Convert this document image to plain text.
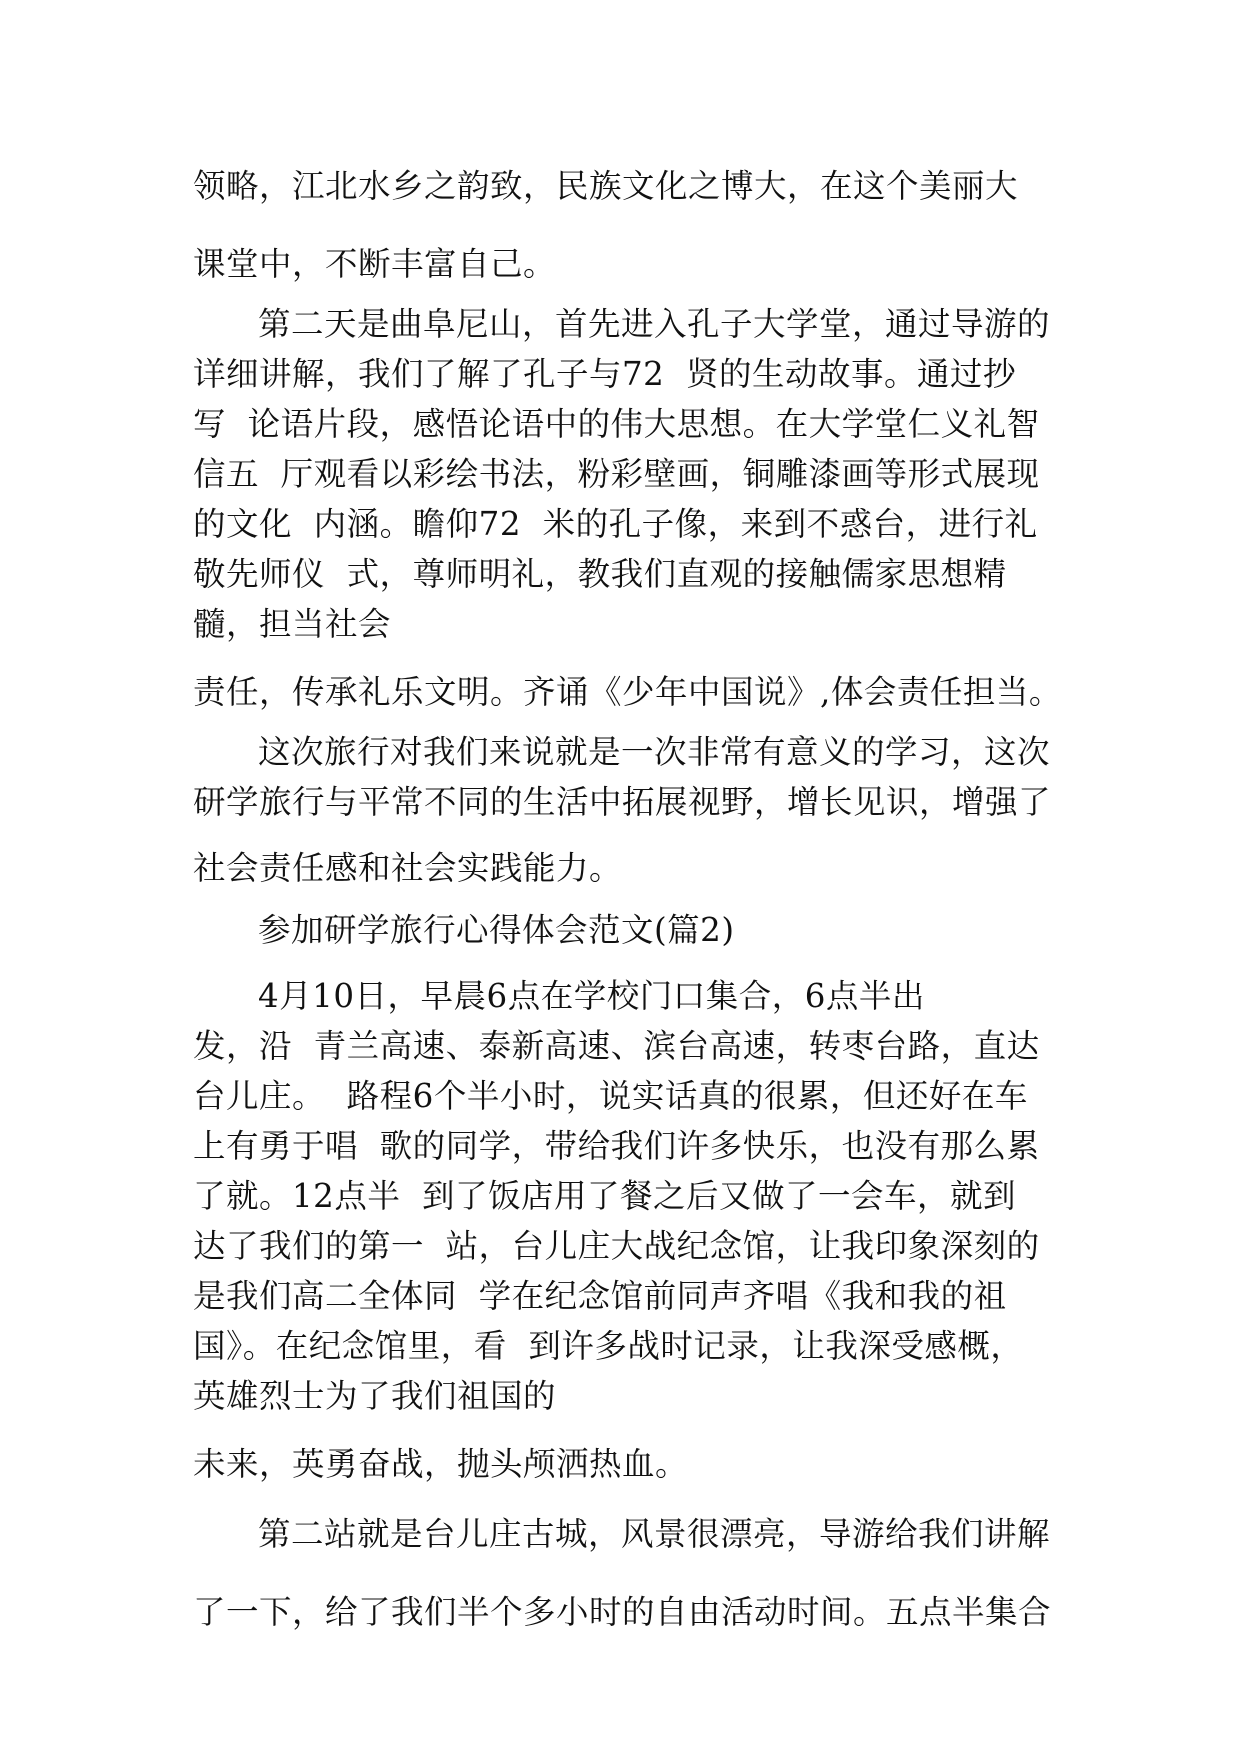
领略，江北水乡之韵致，民族文化之博大，在这个美丽大
课堂中，不断丰富自己。
第二天是曲阜尼山，首先进入孔子大学堂，通过导游的
详细讲解，我们了解了孔子与72  贤的生动故事。通过抄
写  论语片段，感悟论语中的伟大思想。在大学堂仁义礼智
信五  厅观看以彩绘书法，粉彩壁画，铜雕漆画等形式展现
的文化  内涵。瞻仰72  米的孔子像，来到不惑台，进行礼
敬先师仪  式，尊师明礼，教我们直观的接触儒家思想精
髓，担当社会
责任，传承礼乐文明。齐诵《少年中国说》,体会责任担当。
这次旅行对我们来说就是一次非常有意义的学习，这次
研学旅行与平常不同的生活中拓展视野，增长见识，增强了
社会责任感和社会实践能力。
参加研学旅行心得体会范文(篇2)
4月10日，早晨6点在学校门口集合，6点半出
发，沿  青兰高速、泰新高速、滨台高速，转枣台路，直达
台儿庄。  路程6个半小时，说实话真的很累，但还好在车
上有勇于唱  歌的同学，带给我们许多快乐，也没有那么累
了就。12点半  到了饭店用了餐之后又做了一会车，就到
达了我们的第一  站，台儿庄大战纪念馆，让我印象深刻的
是我们高二全体同  学在纪念馆前同声齐唱《我和我的祖
国》。在纪念馆里，看  到许多战时记录，让我深受感概，
英雄烈士为了我们祖国的
未来，英勇奋战，抛头颅洒热血。
第二站就是台儿庄古城，风景很漂亮，导游给我们讲解
了一下，给了我们半个多小时的自由活动时间。五点半集合
